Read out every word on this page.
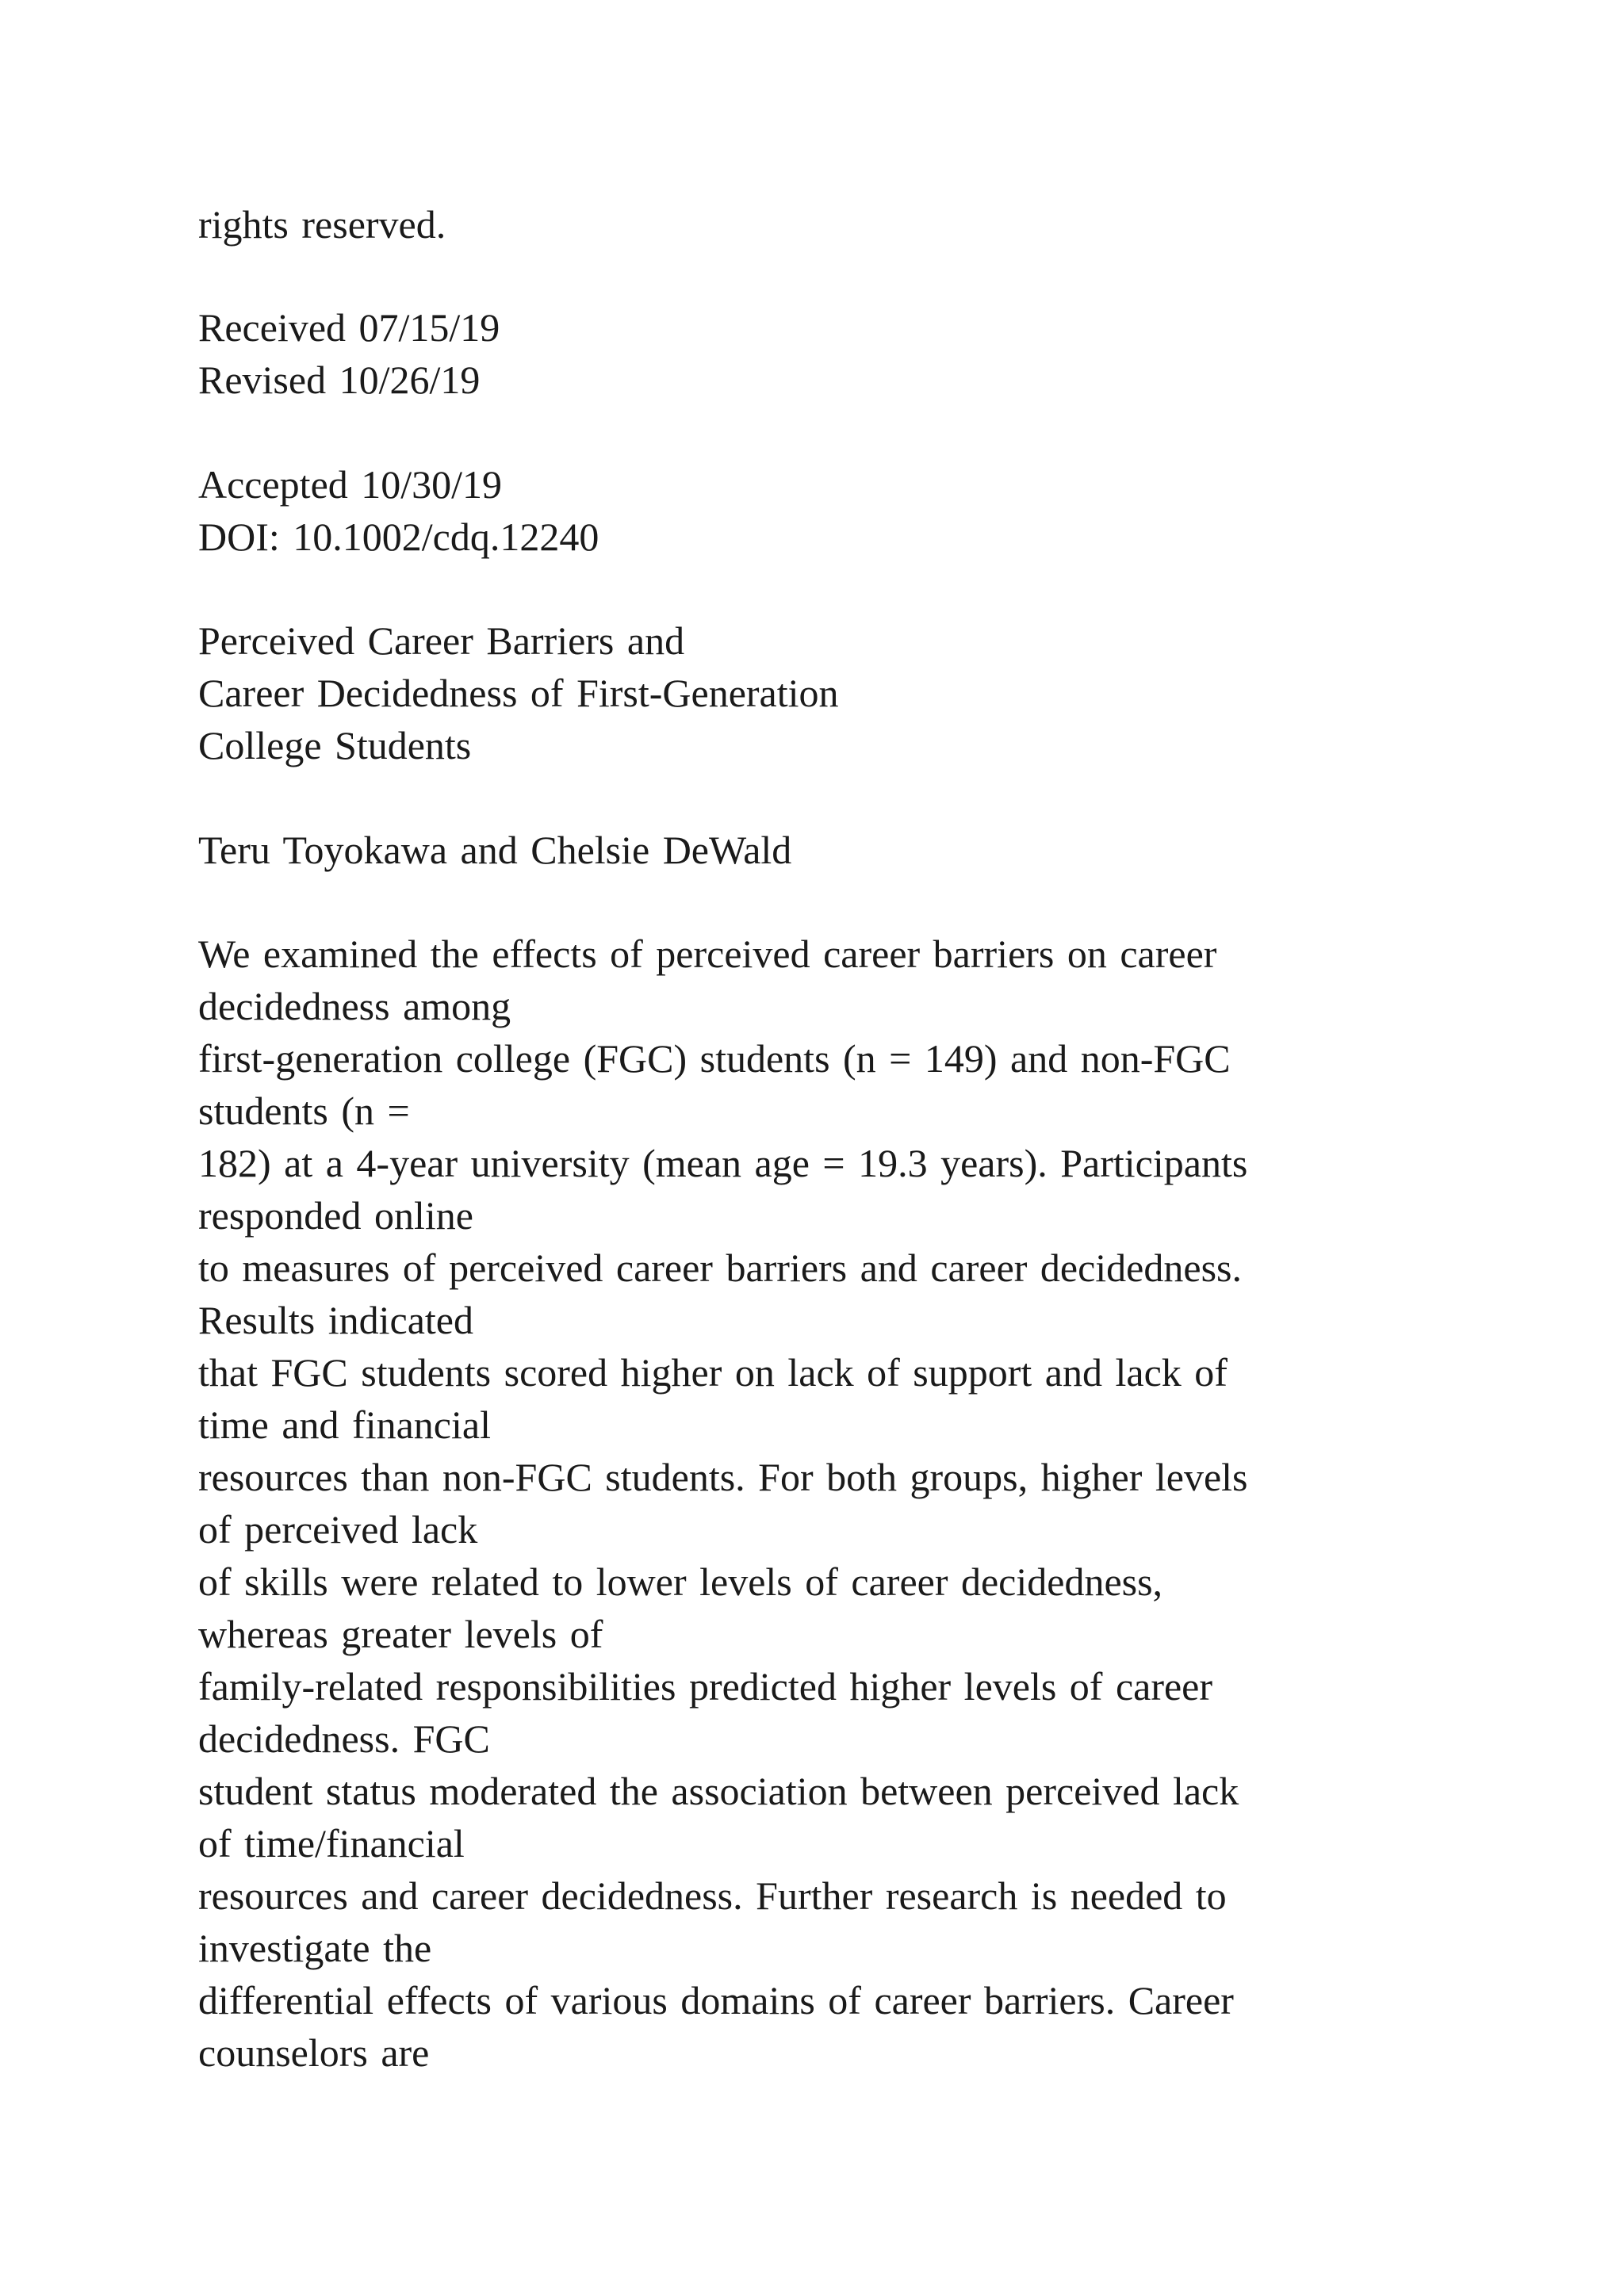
rights reserved.
Received 07/15/19
Revised 10/26/19
Accepted 10/30/19
DOI: 10.1002/cdq.12240
Perceived Career Barriers and
Career Decidedness of First-Generation
College Students
Teru Toyokawa and Chelsie DeWald
We examined the effects of perceived career barriers on career
decidedness among
first-generation college (FGC) students (n = 149) and non-FGC
students (n =
182) at a 4-year university (mean age = 19.3 years). Participants
responded online
to measures of perceived career barriers and career decidedness.
Results indicated
that FGC students scored higher on lack of support and lack of
time and financial
resources than non-FGC students. For both groups, higher levels
of perceived lack
of skills were related to lower levels of career decidedness,
whereas greater levels of
family-related responsibilities predicted higher levels of career
decidedness. FGC
student status moderated the association between perceived lack
of time/financial
resources and career decidedness. Further research is needed to
investigate the
differential effects of various domains of career barriers. Career
counselors are
